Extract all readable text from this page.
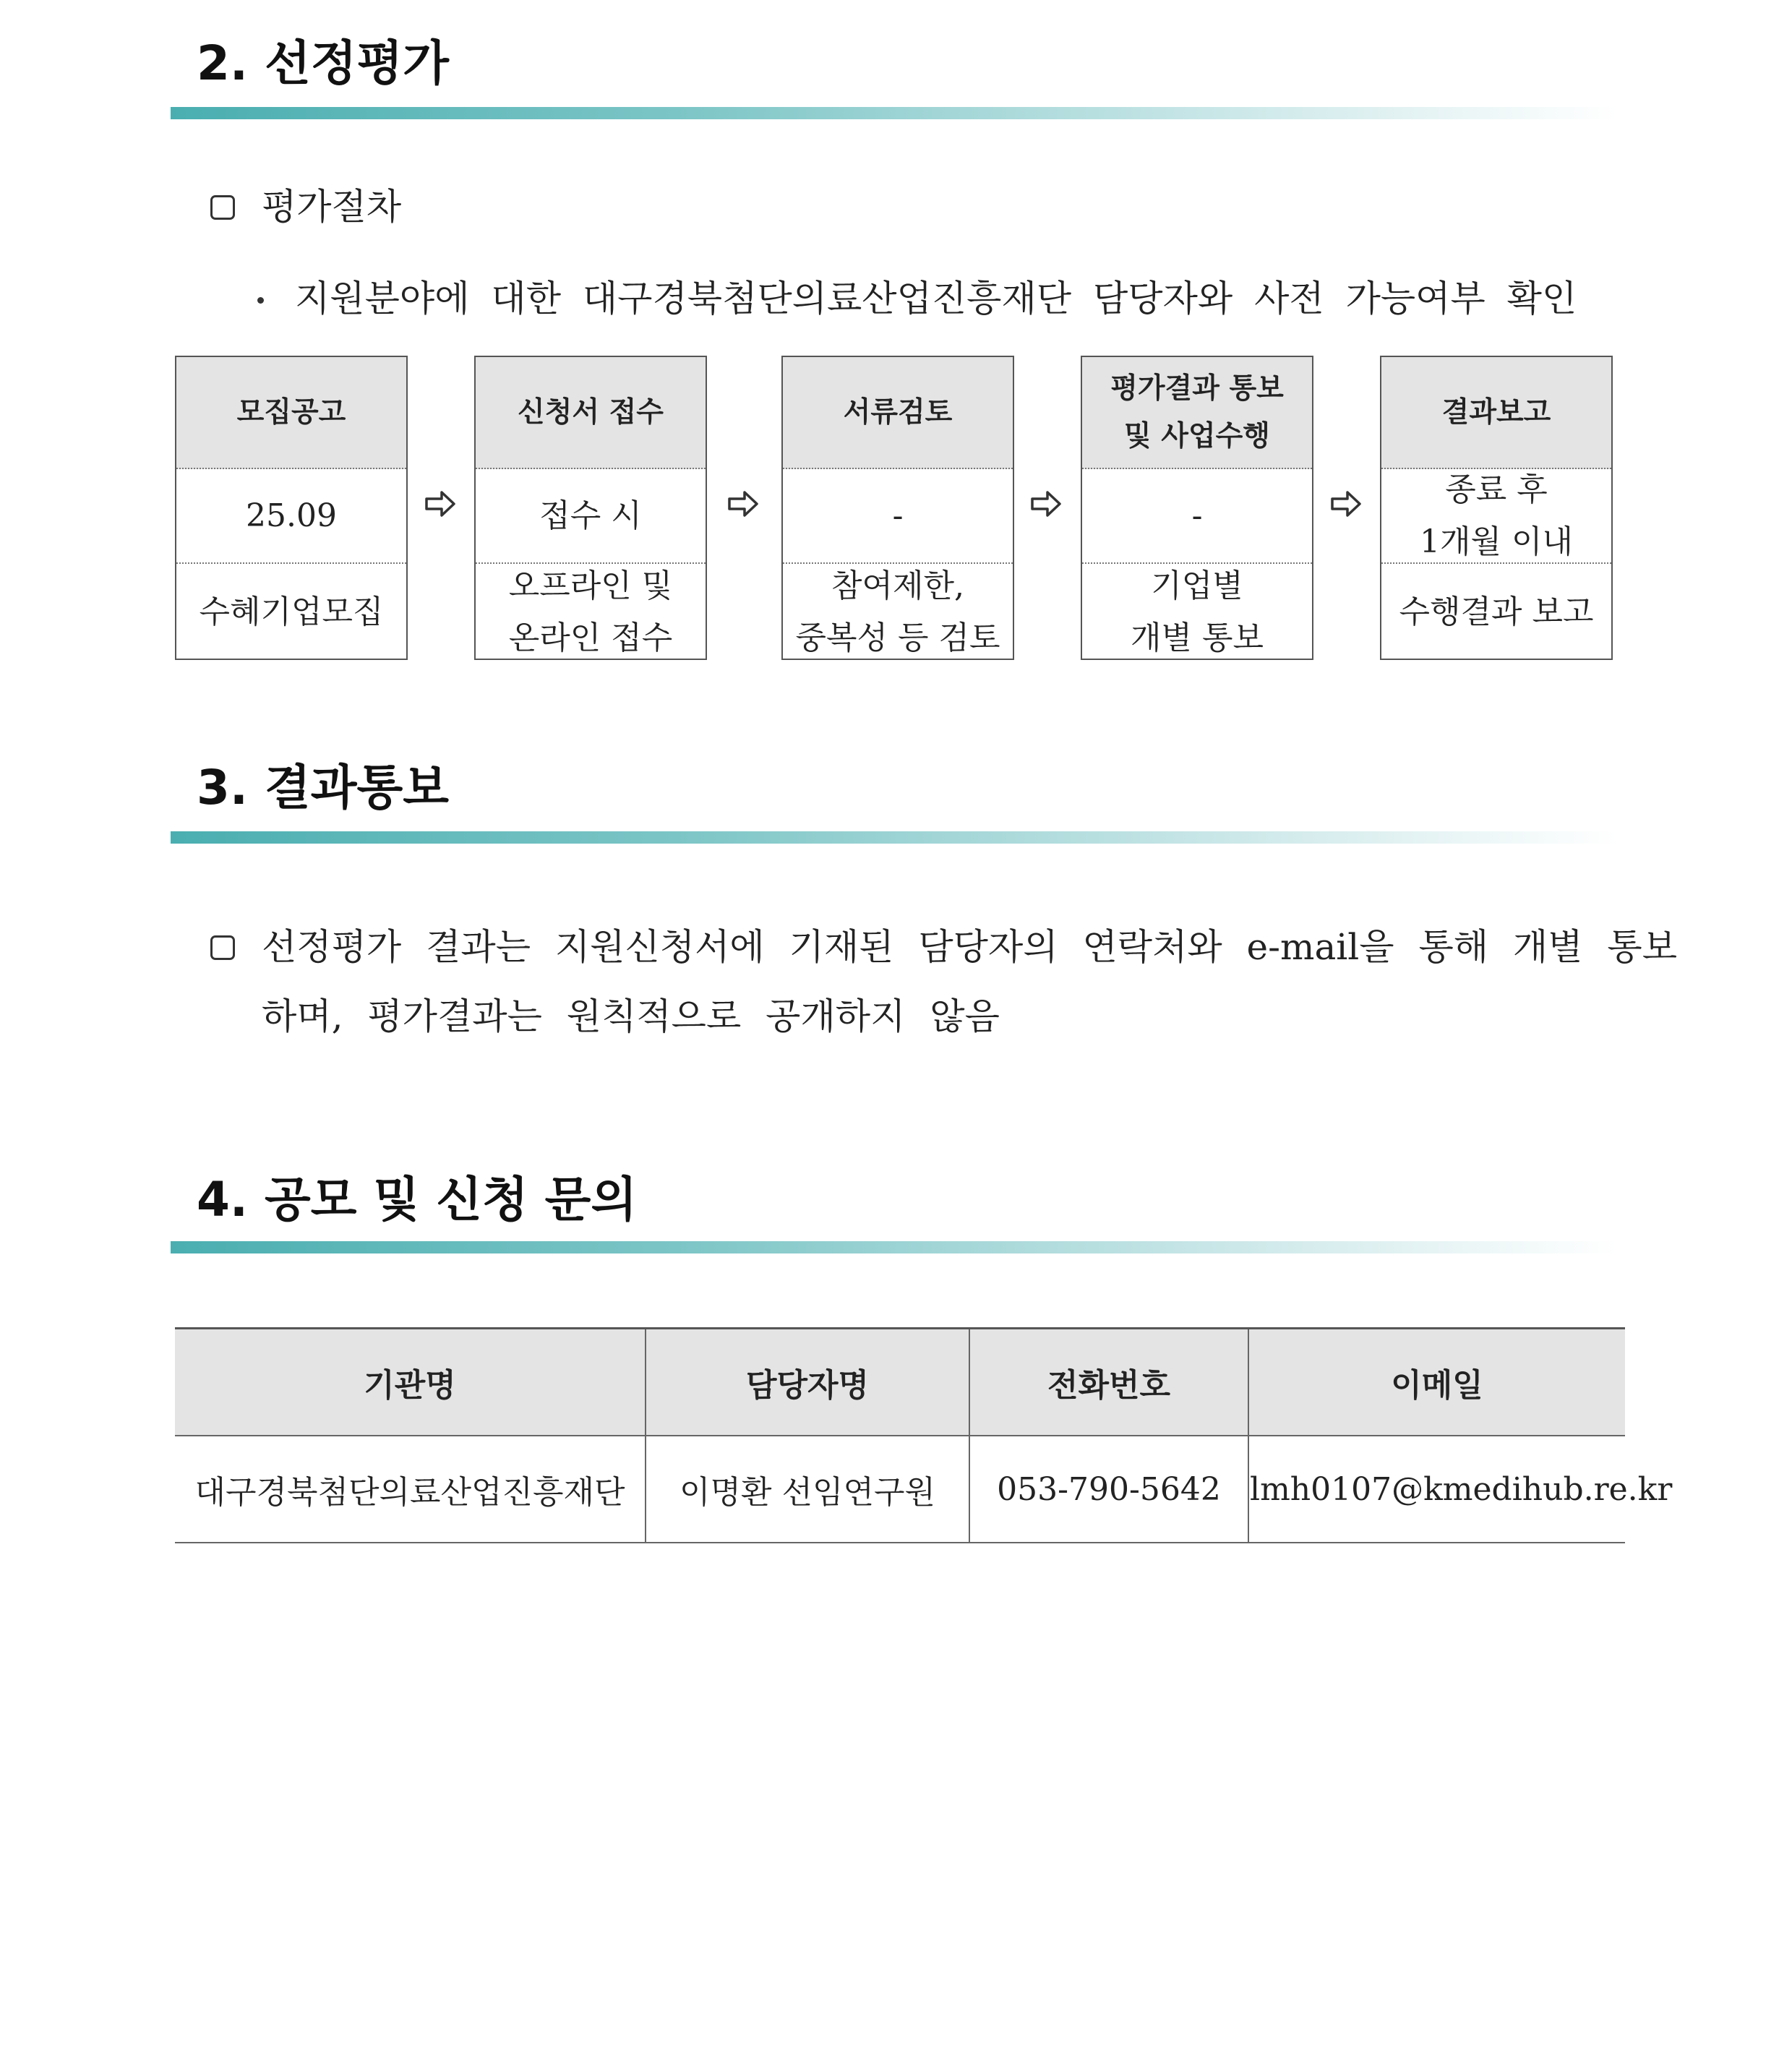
2. 선정평가

평가절차

지원분야에 대한 대구경북첨단의료산업진흥재단 담당자와 사전 가능여부 확인

모집공고
25.09
수혜기업모집
신청서 접수
접수 시
오프라인 및
온라인 접수
서류검토
-
참여제한,
중복성 등 검토
평가결과 통보
및 사업수행
-
기업별
개별 통보
결과보고
종료 후
1개월 이내
수행결과 보고
3. 결과통보

선정평가 결과는 지원신청서에 기재된 담당자의 연락처와 e-mail을 통해 개별 통보

하며, 평가결과는 원칙적으로 공개하지 않음

4. 공모 및 신청 문의
기관명	담당자명	전화번호	이메일
대구경북첨단의료산업진흥재단	이명환 선임연구원	053-790-5642	lmh0107@kmedihub.re.kr
